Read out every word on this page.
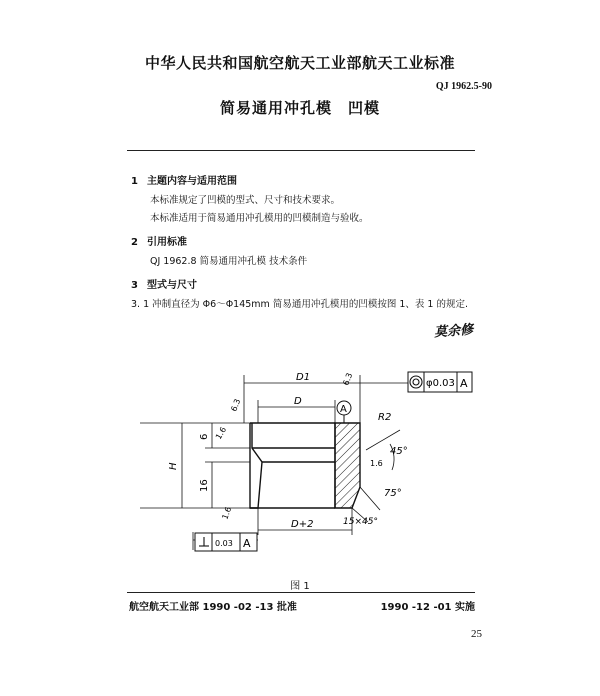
中华人民共和国航空航天工业部航天工业标准
QJ 1962.5-90
简易通用冲孔模 凹模
1 主题内容与适用范围
本标准规定了凹模的型式、尺寸和技术要求。
本标准适用于简易通用冲孔模用的凹模制造与验收。
2 引用标准
QJ 1962.8 简易通用冲孔模 技术条件
3 型式与尺寸
3. 1 冲制直径为 Φ6～Φ145mm 简易通用冲孔模用的凹模按图 1、表 1 的规定.
莫余修
D1
D
D+2
H
6
16
R2
45°
75°
15×45°
6.3
1.6
1.6
1.6
6.3	φ0.03 A
A
0.03 A
图 1
航空航天工业部 1990 -02 -13 批准	1990 -12 -01 实施
25
